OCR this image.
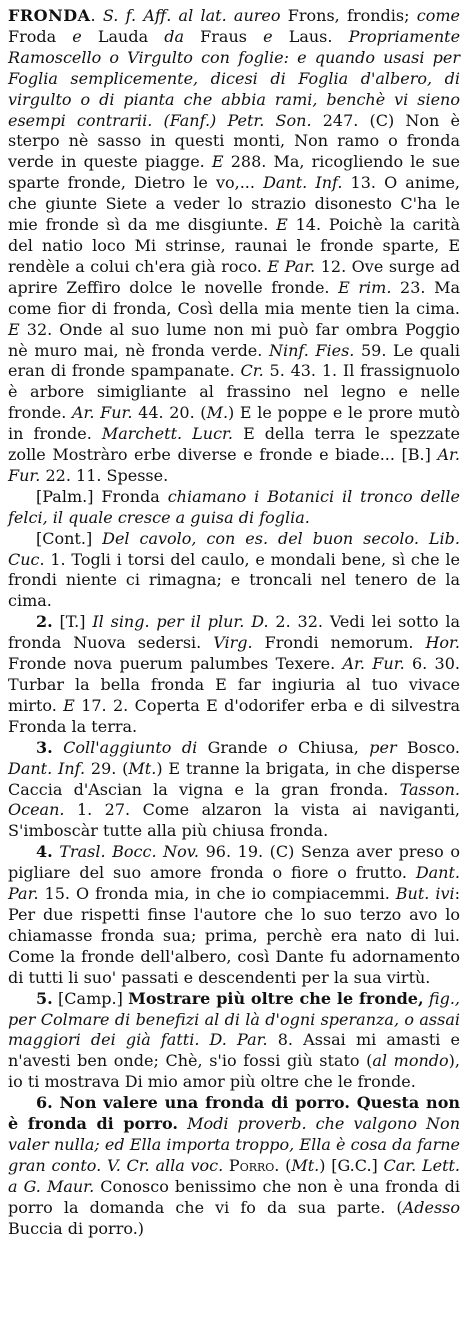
FRONDA. S. f. Aff. al lat. aureo Frons, frondis; come Froda e Lauda da Fraus e Laus. Propriamente Ramoscello o Virgulto con foglie: e quando usasi per Foglia semplicemente, dicesi di Foglia d'albero, di virgulto o di pianta che abbia rami, benchè vi sieno esempi contrarii. (Fanf.) Petr. Son. 247. (C) Non è sterpo nè sasso in questi monti, Non ramo o fronda verde in queste piagge. E 288. Ma, ricogliendo le sue sparte fronde, Dietro le vo,... Dant. Inf. 13. O anime, che giunte Siete a veder lo strazio disonesto C'ha le mie fronde sì da me disgiunte. E 14. Poichè la carità del natio loco Mi strinse, raunai le fronde sparte, E rendèle a colui ch'era già roco. E Par. 12. Ove surge ad aprire Zeffiro dolce le novelle fronde. E rim. 23. Ma come fior di fronda, Così della mia mente tien la cima. E 32. Onde al suo lume non mi può far ombra Poggio nè muro mai, nè fronda verde. Ninf. Fies. 59. Le quali eran di fronde spampanate. Cr. 5. 43. 1. Il frassignuolo è arbore simigliante al frassino nel legno e nelle fronde. Ar. Fur. 44. 20. (M.) E le poppe e le prore mutò in fronde. Marchett. Lucr. E della terra le spezzate zolle Mostràro erbe diverse e fronde e biade... [B.] Ar. Fur. 22. 11. Spesse.

[Palm.] Fronda chiamano i Botanici il tronco delle felci, il quale cresce a guisa di foglia.

[Cont.] Del cavolo, con es. del buon secolo. Lib. Cuc. 1. Togli i torsi del caulo, e mondali bene, sì che le frondi niente ci rimagna; e troncali nel tenero de la cima.

2. [T.] Il sing. per il plur. D. 2. 32. Vedi lei sotto la fronda Nuova sedersi. Virg. Frondi nemorum. Hor. Fronde nova puerum palumbes Texere. Ar. Fur. 6. 30. Turbar la bella fronda E far ingiuria al tuo vivace mirto. E 17. 2. Coperta E d'odorifer erba e di silvestra Fronda la terra.

3. Coll'aggiunto di Grande o Chiusa, per Bosco. Dant. Inf. 29. (Mt.) E tranne la brigata, in che disperse Caccia d'Ascian la vigna e la gran fronda. Tasson. Ocean. 1. 27. Come alzaron la vista ai naviganti, S'imboscàr tutte alla più chiusa fronda.

4. Trasl. Bocc. Nov. 96. 19. (C) Senza aver preso o pigliare del suo amore fronda o fiore o frutto. Dant. Par. 15. O fronda mia, in che io compiacemmi. But. ivi: Per due rispetti finse l'autore che lo suo terzo avo lo chiamasse fronda sua; prima, perchè era nato di lui. Come la fronde dell'albero, così Dante fu adornamento di tutti li suo' passati e descendenti per la sua virtù.

5. [Camp.] Mostrare più oltre che le fronde, fig., per Colmare di benefizi al di là d'ogni speranza, o assai maggiori dei già fatti. D. Par. 8. Assai mi amasti e n'avesti ben onde; Chè, s'io fossi giù stato (al mondo), io ti mostrava Di mio amor più oltre che le fronde.

6. Non valere una fronda di porro. Questa non è fronda di porro. Modi proverb. che valgono Non valer nulla; ed Ella importa troppo, Ella è cosa da farne gran conto. V. Cr. alla voc. Porro. (Mt.) [G.C.] Car. Lett. a G. Maur. Conosco benissimo che non è una fronda di porro la domanda che vi fo da sua parte. (Adesso Buccia di porro.)
